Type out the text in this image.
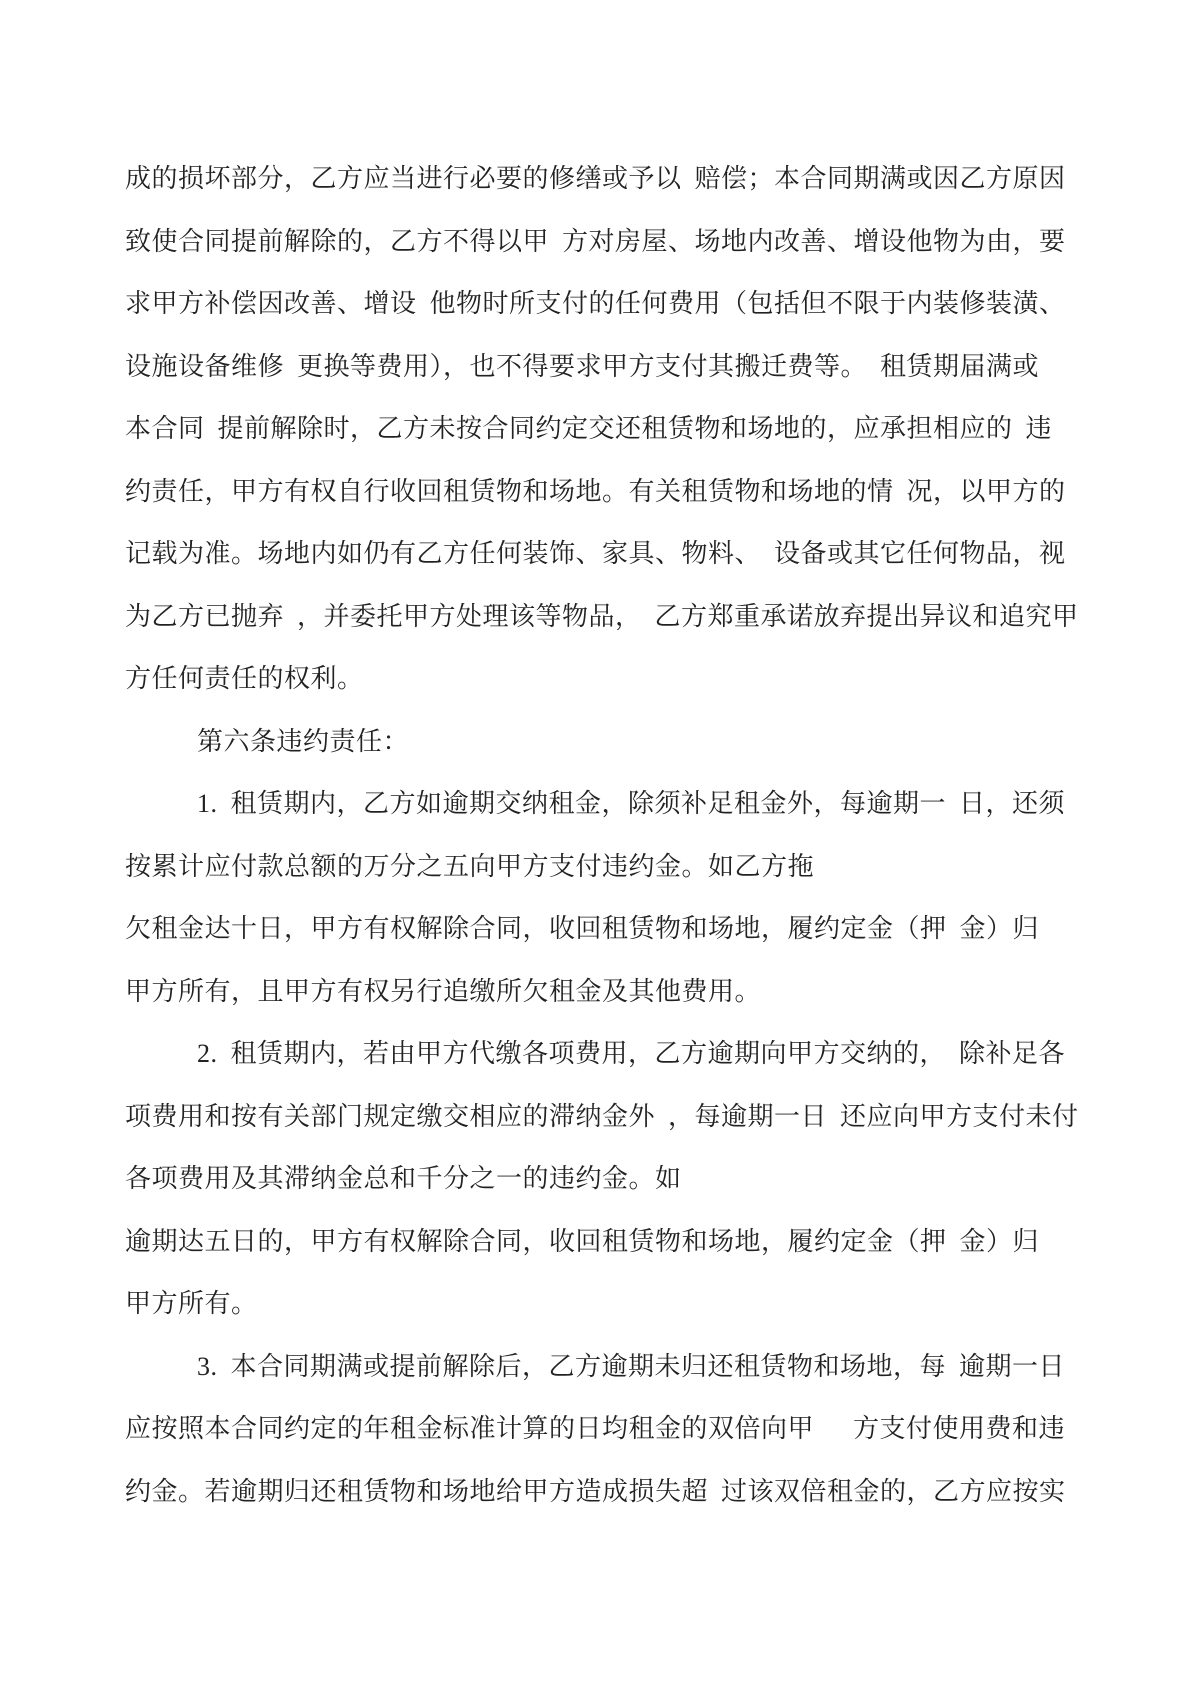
成的损坏部分，乙方应当进行必要的修缮或予以 赔偿；本合同期满或因乙方原因
致使合同提前解除的，乙方不得以甲 方对房屋、场地内改善、增设他物为由，要
求甲方补偿因改善、增设 他物时所支付的任何费用（包括但不限于内装修装潢、
设施设备维修 更换等费用），也不得要求甲方支付其搬迁费等。 租赁期届满或
本合同 提前解除时，乙方未按合同约定交还租赁物和场地的，应承担相应的 违
约责任，甲方有权自行收回租赁物和场地。有关租赁物和场地的情 况，以甲方的
记载为准。场地内如仍有乙方任何装饰、家具、物料、 设备或其它任何物品，视
为乙方已抛弃 ，并委托甲方处理该等物品， 乙方郑重承诺放弃提出异议和追究甲
方任何责任的权利。
第六条违约责任：
1. 租赁期内，乙方如逾期交纳租金，除须补足租金外，每逾期一 日，还须
按累计应付款总额的万分之五向甲方支付违约金。如乙方拖
欠租金达十日，甲方有权解除合同，收回租赁物和场地，履约定金（押 金）归
甲方所有，且甲方有权另行追缴所欠租金及其他费用。
2. 租赁期内，若由甲方代缴各项费用，乙方逾期向甲方交纳的， 除补足各
项费用和按有关部门规定缴交相应的滞纳金外 ，每逾期一日 还应向甲方支付未付
各项费用及其滞纳金总和千分之一的违约金。如
逾期达五日的，甲方有权解除合同，收回租赁物和场地，履约定金（押 金）归
甲方所有。
3. 本合同期满或提前解除后，乙方逾期未归还租赁物和场地，每 逾期一日
应按照本合同约定的年租金标准计算的日均租金的双倍向甲   方支付使用费和违
约金。若逾期归还租赁物和场地给甲方造成损失超 过该双倍租金的，乙方应按实
